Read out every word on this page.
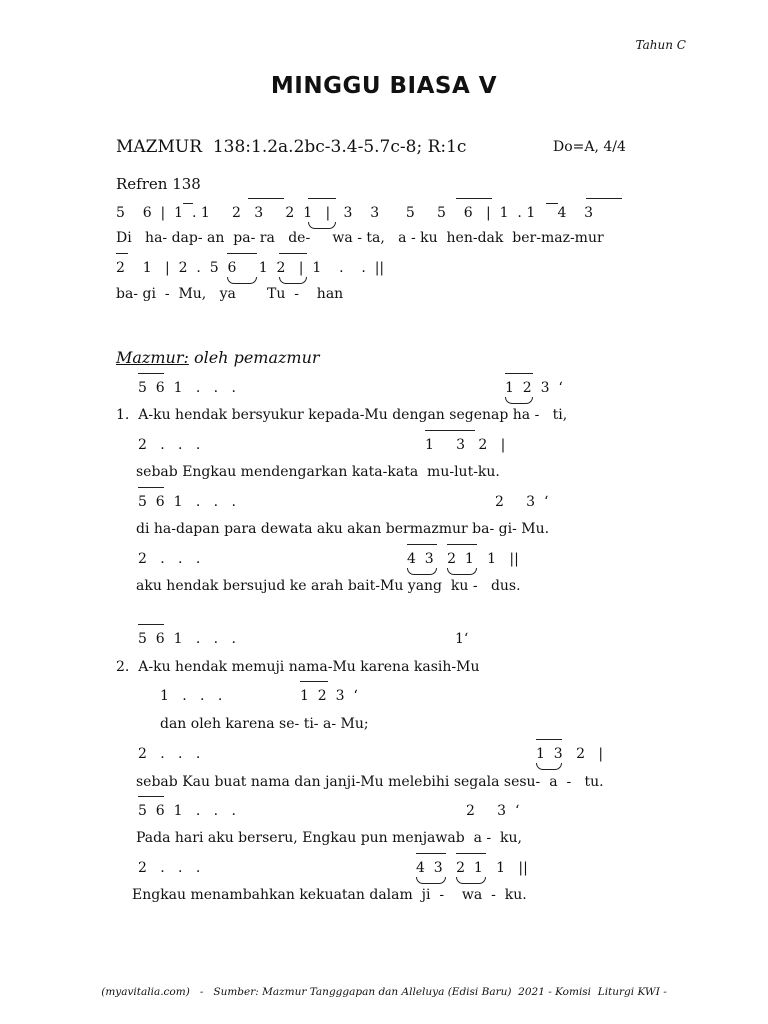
Tahun C
MINGGU BIASA V
MAZMUR  138:1.2a.2bc-3.4-5.7c-8; R:1c	Do=A, 4/4
Refren 138
5    6  |  1  . 1     2   3     2  1   |   3    3      5     5    6   |  1  . 1     4    3
Di   ha- dap- an  pa- ra   de-     wa - ta,   a - ku  hen-dak  ber-maz-mur
2    1   |  2  .  5  6     1  2   |  1    .    .  ||
ba- gi  -  Mu,   ya       Tu  -    han
Mazmur: oleh pemazmur
5  6  1   .   .   .	1  2  3  ‘
1.  A-ku hendak bersyukur kepada-Mu dengan segenap ha -   ti,
2   .   .   .	1     3   2   |
sebab Engkau mendengarkan kata-kata  mu-lut-ku.
5  6  1   .   .   .	2     3  ‘
di ha-dapan para dewata aku akan bermazmur ba- gi- Mu.
2   .   .   .	4  3   2  1   1   ||
aku hendak bersujud ke arah bait-Mu yang  ku -   dus.
5  6  1   .   .   .	1‘
2.  A-ku hendak memuji nama-Mu karena kasih-Mu
1   .   .   .	1  2  3  ‘
dan oleh karena se- ti- a- Mu;
2   .   .   .	1  3   2   |
sebab Kau buat nama dan janji-Mu melebihi segala sesu-  a  -   tu.
5  6  1   .   .   .	2     3  ‘
Pada hari aku berseru, Engkau pun menjawab  a -  ku,
2   .   .   .	4  3   2  1   1   ||
Engkau menambahkan kekuatan dalam  ji  -    wa  -  ku.
(myavitalia.com)   -   Sumber: Mazmur Tangggapan dan Alleluya (Edisi Baru)  2021 - Komisi  Liturgi KWI -
